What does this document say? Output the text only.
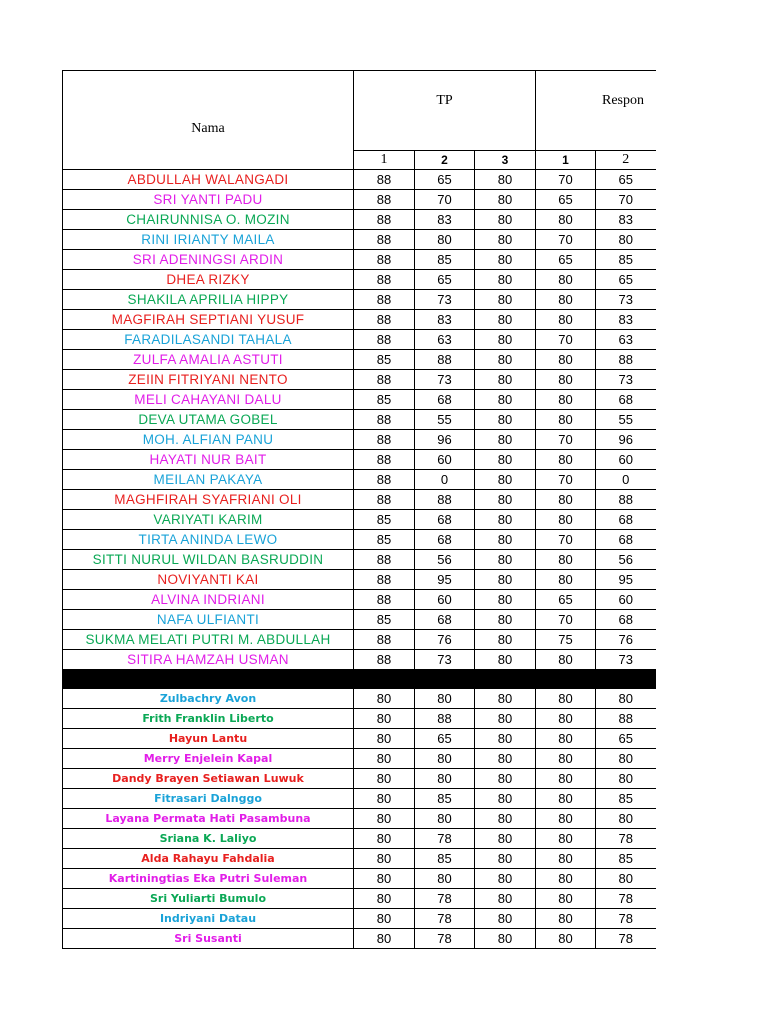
Nama	TP			Respon	
	1	2	3	1	2
ABDULLAH WALANGADI	88	65	80	70	65
SRI YANTI PADU	88	70	80	65	70
CHAIRUNNISA O. MOZIN	88	83	80	80	83
RINI IRIANTY MAILA	88	80	80	70	80
SRI ADENINGSI ARDIN	88	85	80	65	85
DHEA RIZKY	88	65	80	80	65
SHAKILA APRILIA HIPPY	88	73	80	80	73
MAGFIRAH SEPTIANI YUSUF	88	83	80	80	83
FARADILASANDI TAHALA	88	63	80	70	63
ZULFA AMALIA ASTUTI	85	88	80	80	88
ZEIIN FITRIYANI NENTO	88	73	80	80	73
MELI CAHAYANI DALU	85	68	80	80	68
DEVA UTAMA GOBEL	88	55	80	80	55
MOH. ALFIAN PANU	88	96	80	70	96
HAYATI NUR BAIT	88	60	80	80	60
MEILAN PAKAYA	88	0	80	70	0
MAGHFIRAH SYAFRIANI OLI	88	88	80	80	88
VARIYATI KARIM	85	68	80	80	68
TIRTA ANINDA LEWO	85	68	80	70	68
SITTI NURUL WILDAN BASRUDDIN	88	56	80	80	56
NOVIYANTI KAI	88	95	80	80	95
ALVINA INDRIANI	88	60	80	65	60
NAFA ULFIANTI	85	68	80	70	68
SUKMA MELATI PUTRI M. ABDULLAH	88	76	80	75	76
SITIRA HAMZAH USMAN	88	73	80	80	73

Zulbachry Avon	80	80	80	80	80
Frith Franklin Liberto	80	88	80	80	88
Hayun Lantu	80	65	80	80	65
Merry Enjelein Kapal	80	80	80	80	80
Dandy Brayen Setiawan Luwuk	80	80	80	80	80
Fitrasari Dalnggo	80	85	80	80	85
Layana Permata Hati Pasambuna	80	80	80	80	80
Sriana K. Laliyo	80	78	80	80	78
Alda Rahayu Fahdalia	80	85	80	80	85
Kartiningtias Eka Putri Suleman	80	80	80	80	80
Sri Yuliarti Bumulo	80	78	80	80	78
Indriyani Datau	80	78	80	80	78
Sri Susanti	80	78	80	80	78
